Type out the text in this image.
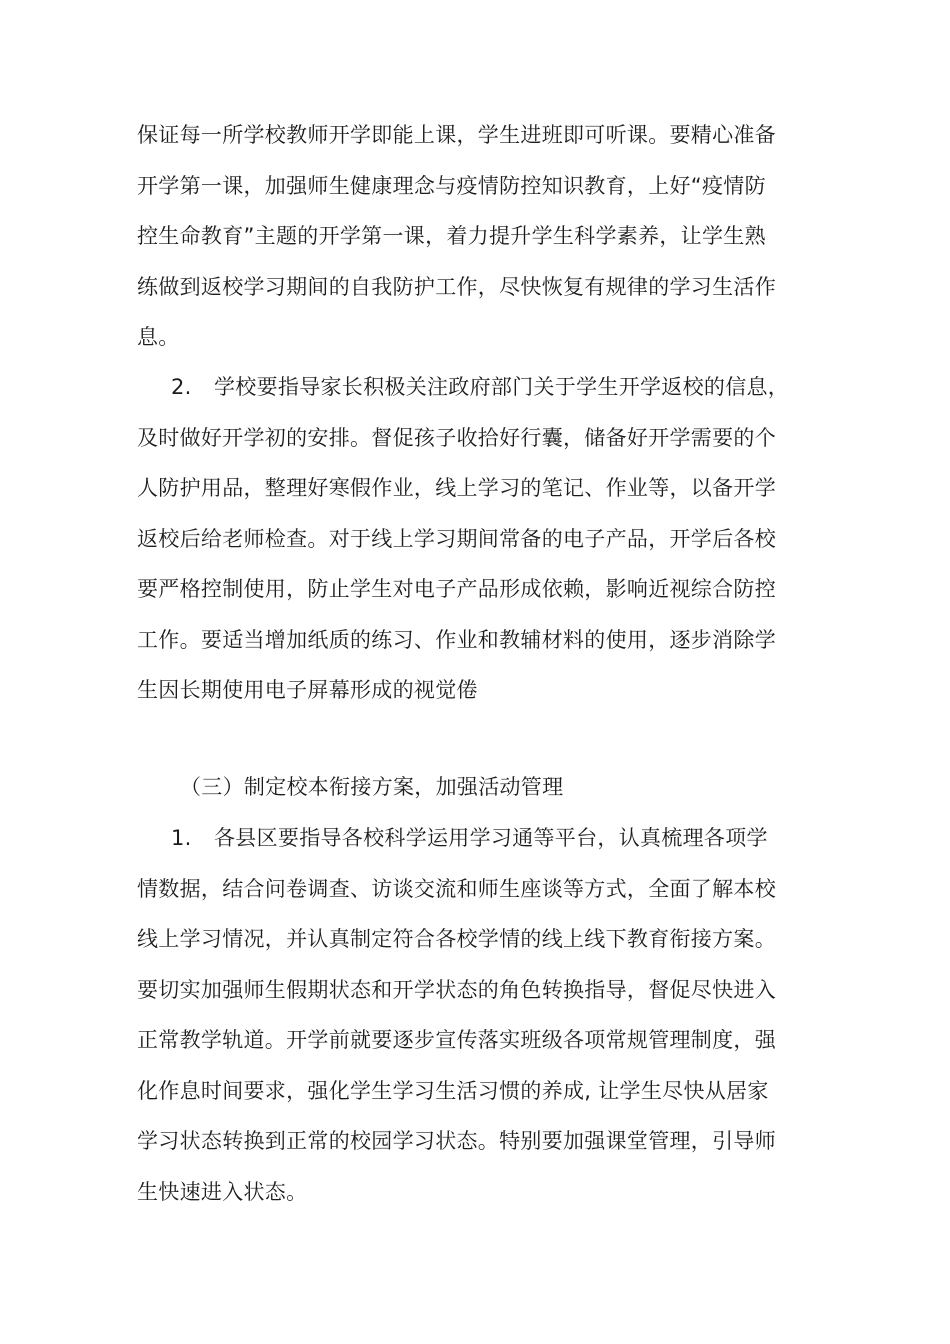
保证每一所学校教师开学即能上课，学生进班即可听课。要精心准备
开学第一课，加强师生健康理念与疫情防控知识教育，上好“疫情防
控生命教育”主题的开学第一课，着力提升学生科学素养，让学生熟
练做到返校学习期间的自我防护工作，尽快恢复有规律的学习生活作
息。
2. 学校要指导家长积极关注政府部门关于学生开学返校的信息，
及时做好开学初的安排。督促孩子收拾好行囊，储备好开学需要的个
人防护用品，整理好寒假作业，线上学习的笔记、作业等，以备开学
返校后给老师检查。对于线上学习期间常备的电子产品，开学后各校
要严格控制使用，防止学生对电子产品形成依赖，影响近视综合防控
工作。要适当增加纸质的练习、作业和教辅材料的使用，逐步消除学
生因长期使用电子屏幕形成的视觉倦
（三）制定校本衔接方案，加强活动管理
1. 各县区要指导各校科学运用学习通等平台，认真梳理各项学
情数据，结合问卷调查、访谈交流和师生座谈等方式，全面了解本校
线上学习情况，并认真制定符合各校学情的线上线下教育衔接方案。
要切实加强师生假期状态和开学状态的角色转换指导，督促尽快进入
正常教学轨道。开学前就要逐步宣传落实班级各项常规管理制度，强
化作息时间要求，强化学生学习生活习惯的养成, 让学生尽快从居家
学习状态转换到正常的校园学习状态。特别要加强课堂管理，引导师
生快速进入状态。
